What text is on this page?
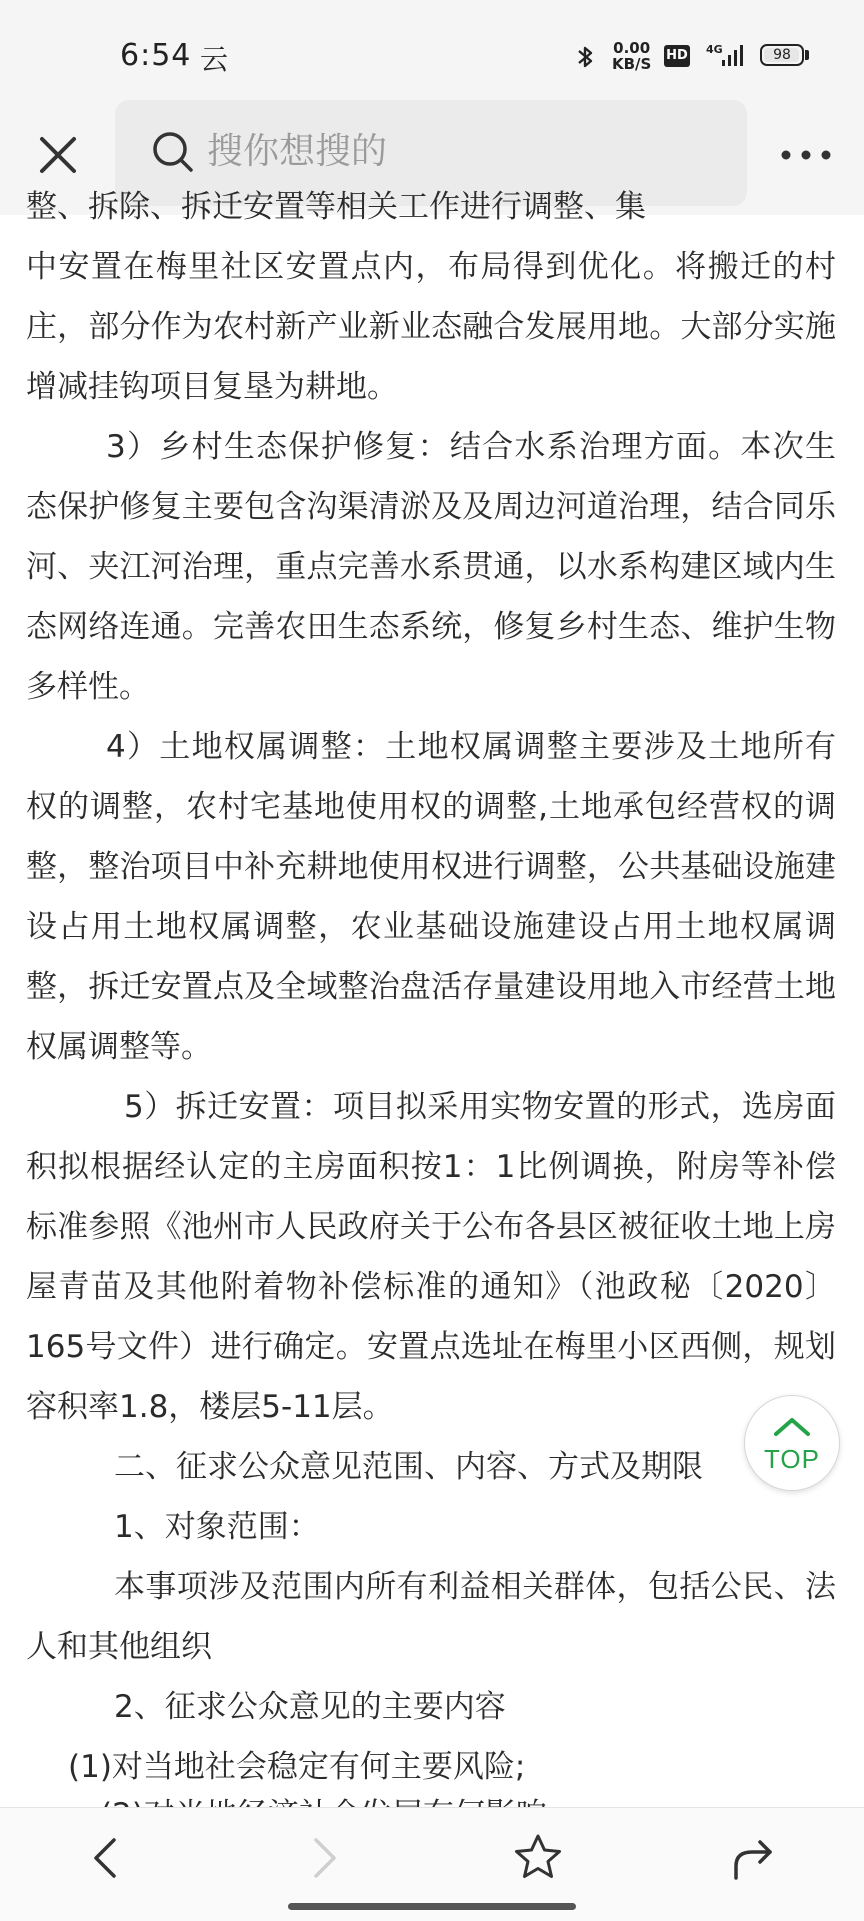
6:54 云	0.00
KB/S HD 4G	98
搜你想搜的
整、拆除、拆迁安置等相关工作进行调整、集

中安置在梅里社区安置点内，布局得到优化。将搬迁的村庄，部分作为农村新产业新业态融合发展用地。大部分实施增减挂钩项目复垦为耕地。

3）乡村生态保护修复：结合水系治理方面。本次生态保护修复主要包含沟渠清淤及及周边河道治理，结合同乐河、夹江河治理，重点完善水系贯通，以水系构建区域内生态网络连通。完善农田生态系统，修复乡村生态、维护生物多样性。

4）土地权属调整：土地权属调整主要涉及土地所有权的调整，农村宅基地使用权的调整,土地承包经营权的调整，整治项目中补充耕地使用权进行调整，公共基础设施建设占用土地权属调整，农业基础设施建设占用土地权属调整，拆迁安置点及全域整治盘活存量建设用地入市经营土地权属调整等。

5）拆迁安置：项目拟采用实物安置的形式，选房面积拟根据经认定的主房面积按1：1比例调换，附房等补偿标准参照《池州市人民政府关于公布各县区被征收土地上房屋青苗及其他附着物补偿标准的通知》（池政秘〔2020〕165号文件）进行确定。安置点选址在梅里小区西侧，规划容积率1.8，楼层5-11层。

二、征求公众意见范围、内容、方式及期限

1、对象范围：

本事项涉及范围内所有利益相关群体，包括公民、法人和其他组织

2、征求公众意见的主要内容

(1)对当地社会稳定有何主要风险;

TOP
